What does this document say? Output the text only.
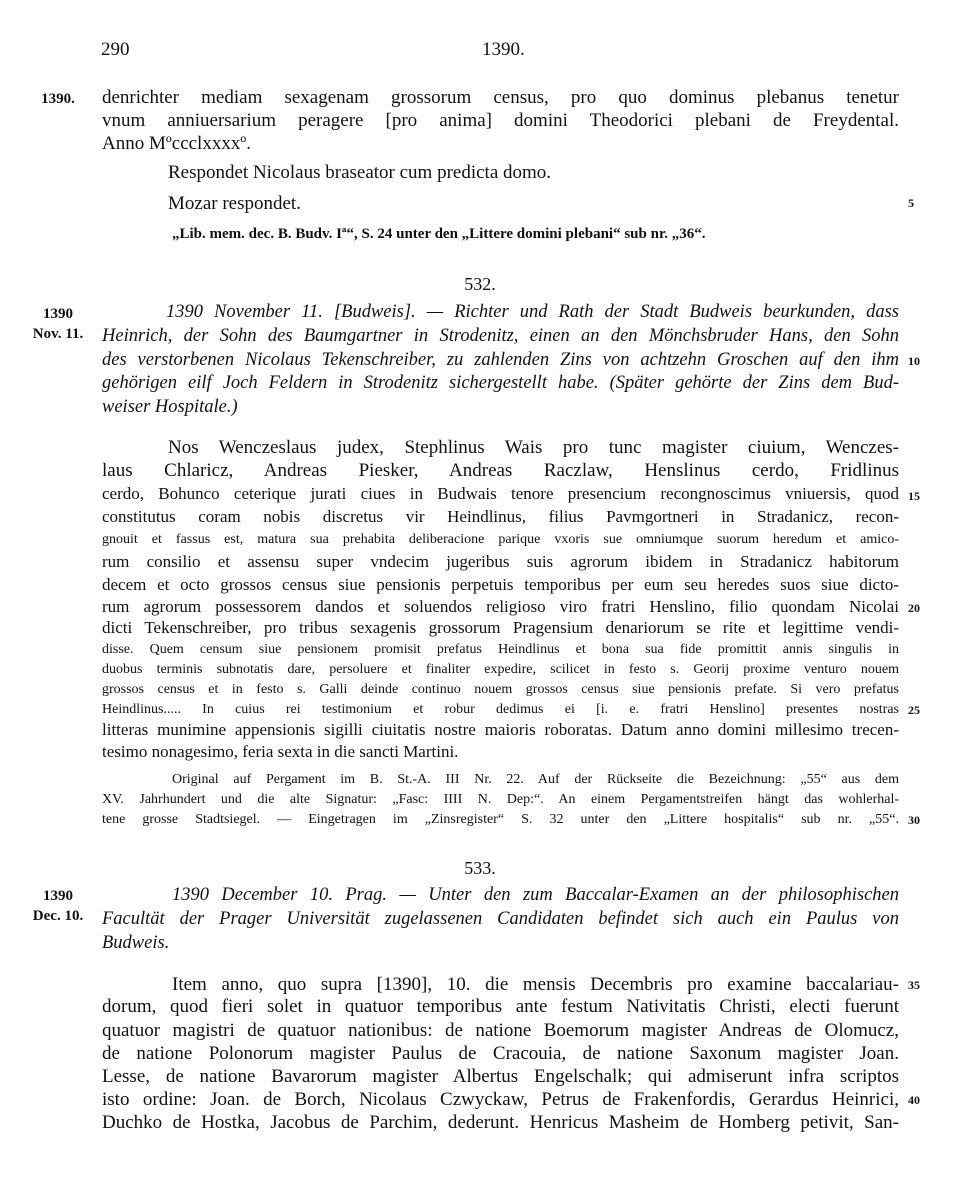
290	1390.
1390.	denrichter mediam sexagenam grossorum census, pro quo dominus plebanus tenetur
vnum anniuersarium peragere [pro anima] domini Theodorici plebani de Freydental.
Anno Mºccclxxxxº.
Respondet Nicolaus braseator cum predicta domo.
Mozar respondet.	5
„Lib. mem. dec. B. Budv. Iª“, S. 24 unter den „Littere domini plebani“ sub nr. „36“.
532.
1390
Nov. 11.
1390 November 11. [Budweis]. — Richter und Rath der Stadt Budweis beurkunden, dass
Heinrich, der Sohn des Baumgartner in Strodenitz, einen an den Mönchsbruder Hans, den Sohn
des verstorbenen Nicolaus Tekenschreiber, zu zahlenden Zins von achtzehn Groschen auf den ihm 10
gehörigen eilf Joch Feldern in Strodenitz sichergestellt habe. (Später gehörte der Zins dem Bud-
weiser Hospitale.)
Nos Wenczeslaus judex, Stephlinus Wais pro tunc magister ciuium, Wenczes-
laus Chlaricz, Andreas Piesker, Andreas Raczlaw, Henslinus cerdo, Fridlinus
cerdo, Bohunco ceterique jurati ciues in Budwais tenore presencium recongnoscimus vniuersis, quod 15
constitutus coram nobis discretus vir Heindlinus, filius Pavmgortneri in Stradanicz, recon-
gnouit et fassus est, matura sua prehabita deliberacione parique vxoris sue omniumque suorum heredum et amico-
rum consilio et assensu super vndecim jugeribus suis agrorum ibidem in Stradanicz habitorum
decem et octo grossos census siue pensionis perpetuis temporibus per eum seu heredes suos siue dicto-
rum agrorum possessorem dandos et soluendos religioso viro fratri Henslino, filio quondam Nicolai 20
dicti Tekenschreiber, pro tribus sexagenis grossorum Pragensium denariorum se rite et legittime vendi-
disse. Quem censum siue pensionem promisit prefatus Heindlinus et bona sua fide promittit annis singulis in
duobus terminis subnotatis dare, persoluere et finaliter expedire, scilicet in festo s. Georij proxime venturo nouem
grossos census et in festo s. Galli deinde continuo nouem grossos census siue pensionis prefate. Si vero prefatus
Heindlinus..... In cuius rei testimonium et robur dedimus ei [i. e. fratri Henslino] presentes nostras 25
litteras munimine appensionis sigilli ciuitatis nostre maioris roboratas. Datum anno domini millesimo trecen-
tesimo nonagesimo, feria sexta in die sancti Martini.
Original auf Pergament im B. St.-A. III Nr. 22. Auf der Rückseite die Bezeichnung: „55“ aus dem
XV. Jahrhundert und die alte Signatur: „Fasc: IIII N. Dep:“. An einem Pergamentstreifen hängt das wohlerhal-
tene grosse Stadtsiegel. — Eingetragen im „Zinsregister“ S. 32 unter den „Littere hospitalis“ sub nr. „55“. 30
533.
1390
Dec. 10.
1390 December 10. Prag. — Unter den zum Baccalar-Examen an der philosophischen
Facultät der Prager Universität zugelassenen Candidaten befindet sich auch ein Paulus von
Budweis.
Item anno, quo supra [1390], 10. die mensis Decembris pro examine baccalariau- 35
dorum, quod fieri solet in quatuor temporibus ante festum Nativitatis Christi, electi fuerunt
quatuor magistri de quatuor nationibus: de natione Boemorum magister Andreas de Olomucz,
de natione Polonorum magister Paulus de Cracouia, de natione Saxonum magister Joan.
Lesse, de natione Bavarorum magister Albertus Engelschalk; qui admiserunt infra scriptos
isto ordine: Joan. de Borch, Nicolaus Czwyckaw, Petrus de Frakenfordis, Gerardus Heinrici, 40
Duchko de Hostka, Jacobus de Parchim, dederunt. Henricus Masheim de Homberg petivit, San-
